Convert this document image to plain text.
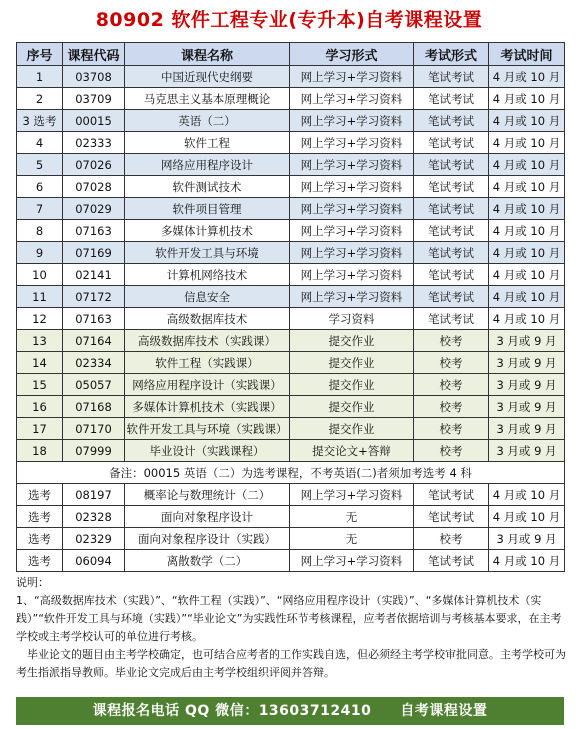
80902 软件工程专业(专升本)自考课程设置
序号	课程代码	课程名称	学习形式	考试形式	考试时间
1	03708	中国近现代史纲要	网上学习+学习资料	笔试考试	4 月或 10 月
2	03709	马克思主义基本原理概论	网上学习+学习资料	笔试考试	4 月或 10 月
3 选考	00015	英语（二）	网上学习+学习资料	笔试考试	4 月或 10 月
4	02333	软件工程	网上学习+学习资料	笔试考试	4 月或 10 月
5	07026	网络应用程序设计	网上学习+学习资料	笔试考试	4 月或 10 月
6	07028	软件测试技术	网上学习+学习资料	笔试考试	4 月或 10 月
7	07029	软件项目管理	网上学习+学习资料	笔试考试	4 月或 10 月
8	07163	多媒体计算机技术	网上学习+学习资料	笔试考试	4 月或 10 月
9	07169	软件开发工具与环境	网上学习+学习资料	笔试考试	4 月或 10 月
10	02141	计算机网络技术	网上学习+学习资料	笔试考试	4 月或 10 月
11	07172	信息安全	网上学习+学习资料	笔试考试	4 月或 10 月
12	07163	高级数据库技术	学习资料	笔试考试	4 月或 10 月
13	07164	高级数据库技术（实践课）	提交作业	校考	3 月或 9 月
14	02334	软件工程（实践课）	提交作业	校考	3 月或 9 月
15	05057	网络应用程序设计（实践课）	提交作业	校考	3 月或 9 月
16	07168	多媒体计算机技术（实践课）	提交作业	校考	3 月或 9 月
17	07170	软件开发工具与环境（实践课）	提交作业	校考	3 月或 9 月
18	07999	毕业设计（实践课程）	提交论文+答辩	校考	3 月或 9 月
备注：00015 英语（二）为选考课程，不考英语(二)者须加考选考 4 科					
选考	08197	概率论与数理统计（二）	网上学习+学习资料	笔试考试	4 月或 10 月
选考	02328	面向对象程序设计	无	笔试考试	4 月或 10 月
选考	02329	面向对象程序设计（实践）	无	校考	3 月或 9 月
选考	06094	离散数学（二）	网上学习+学习资料	笔试考试	4 月或 10 月

说明：

1、“高级数据库技术（实践）”、“软件工程（实践）”、“网络应用程序设计（实践）”、“多媒体计算机技术（实践）”“软件开发工具与环境（实践）”“毕业论文”为实践性环节考核课程，应考者依据培训与考核基本要求，在主考学校或主考学校认可的单位进行考核。

　毕业论文的题目由主考学校确定，也可结合应考者的工作实践自选，但必须经主考学校审批同意。主考学校可为考生指派指导教师。毕业论文完成后由主考学校组织评阅并答辩。

课程报名电话 QQ 微信：13603712410　　自考课程设置
